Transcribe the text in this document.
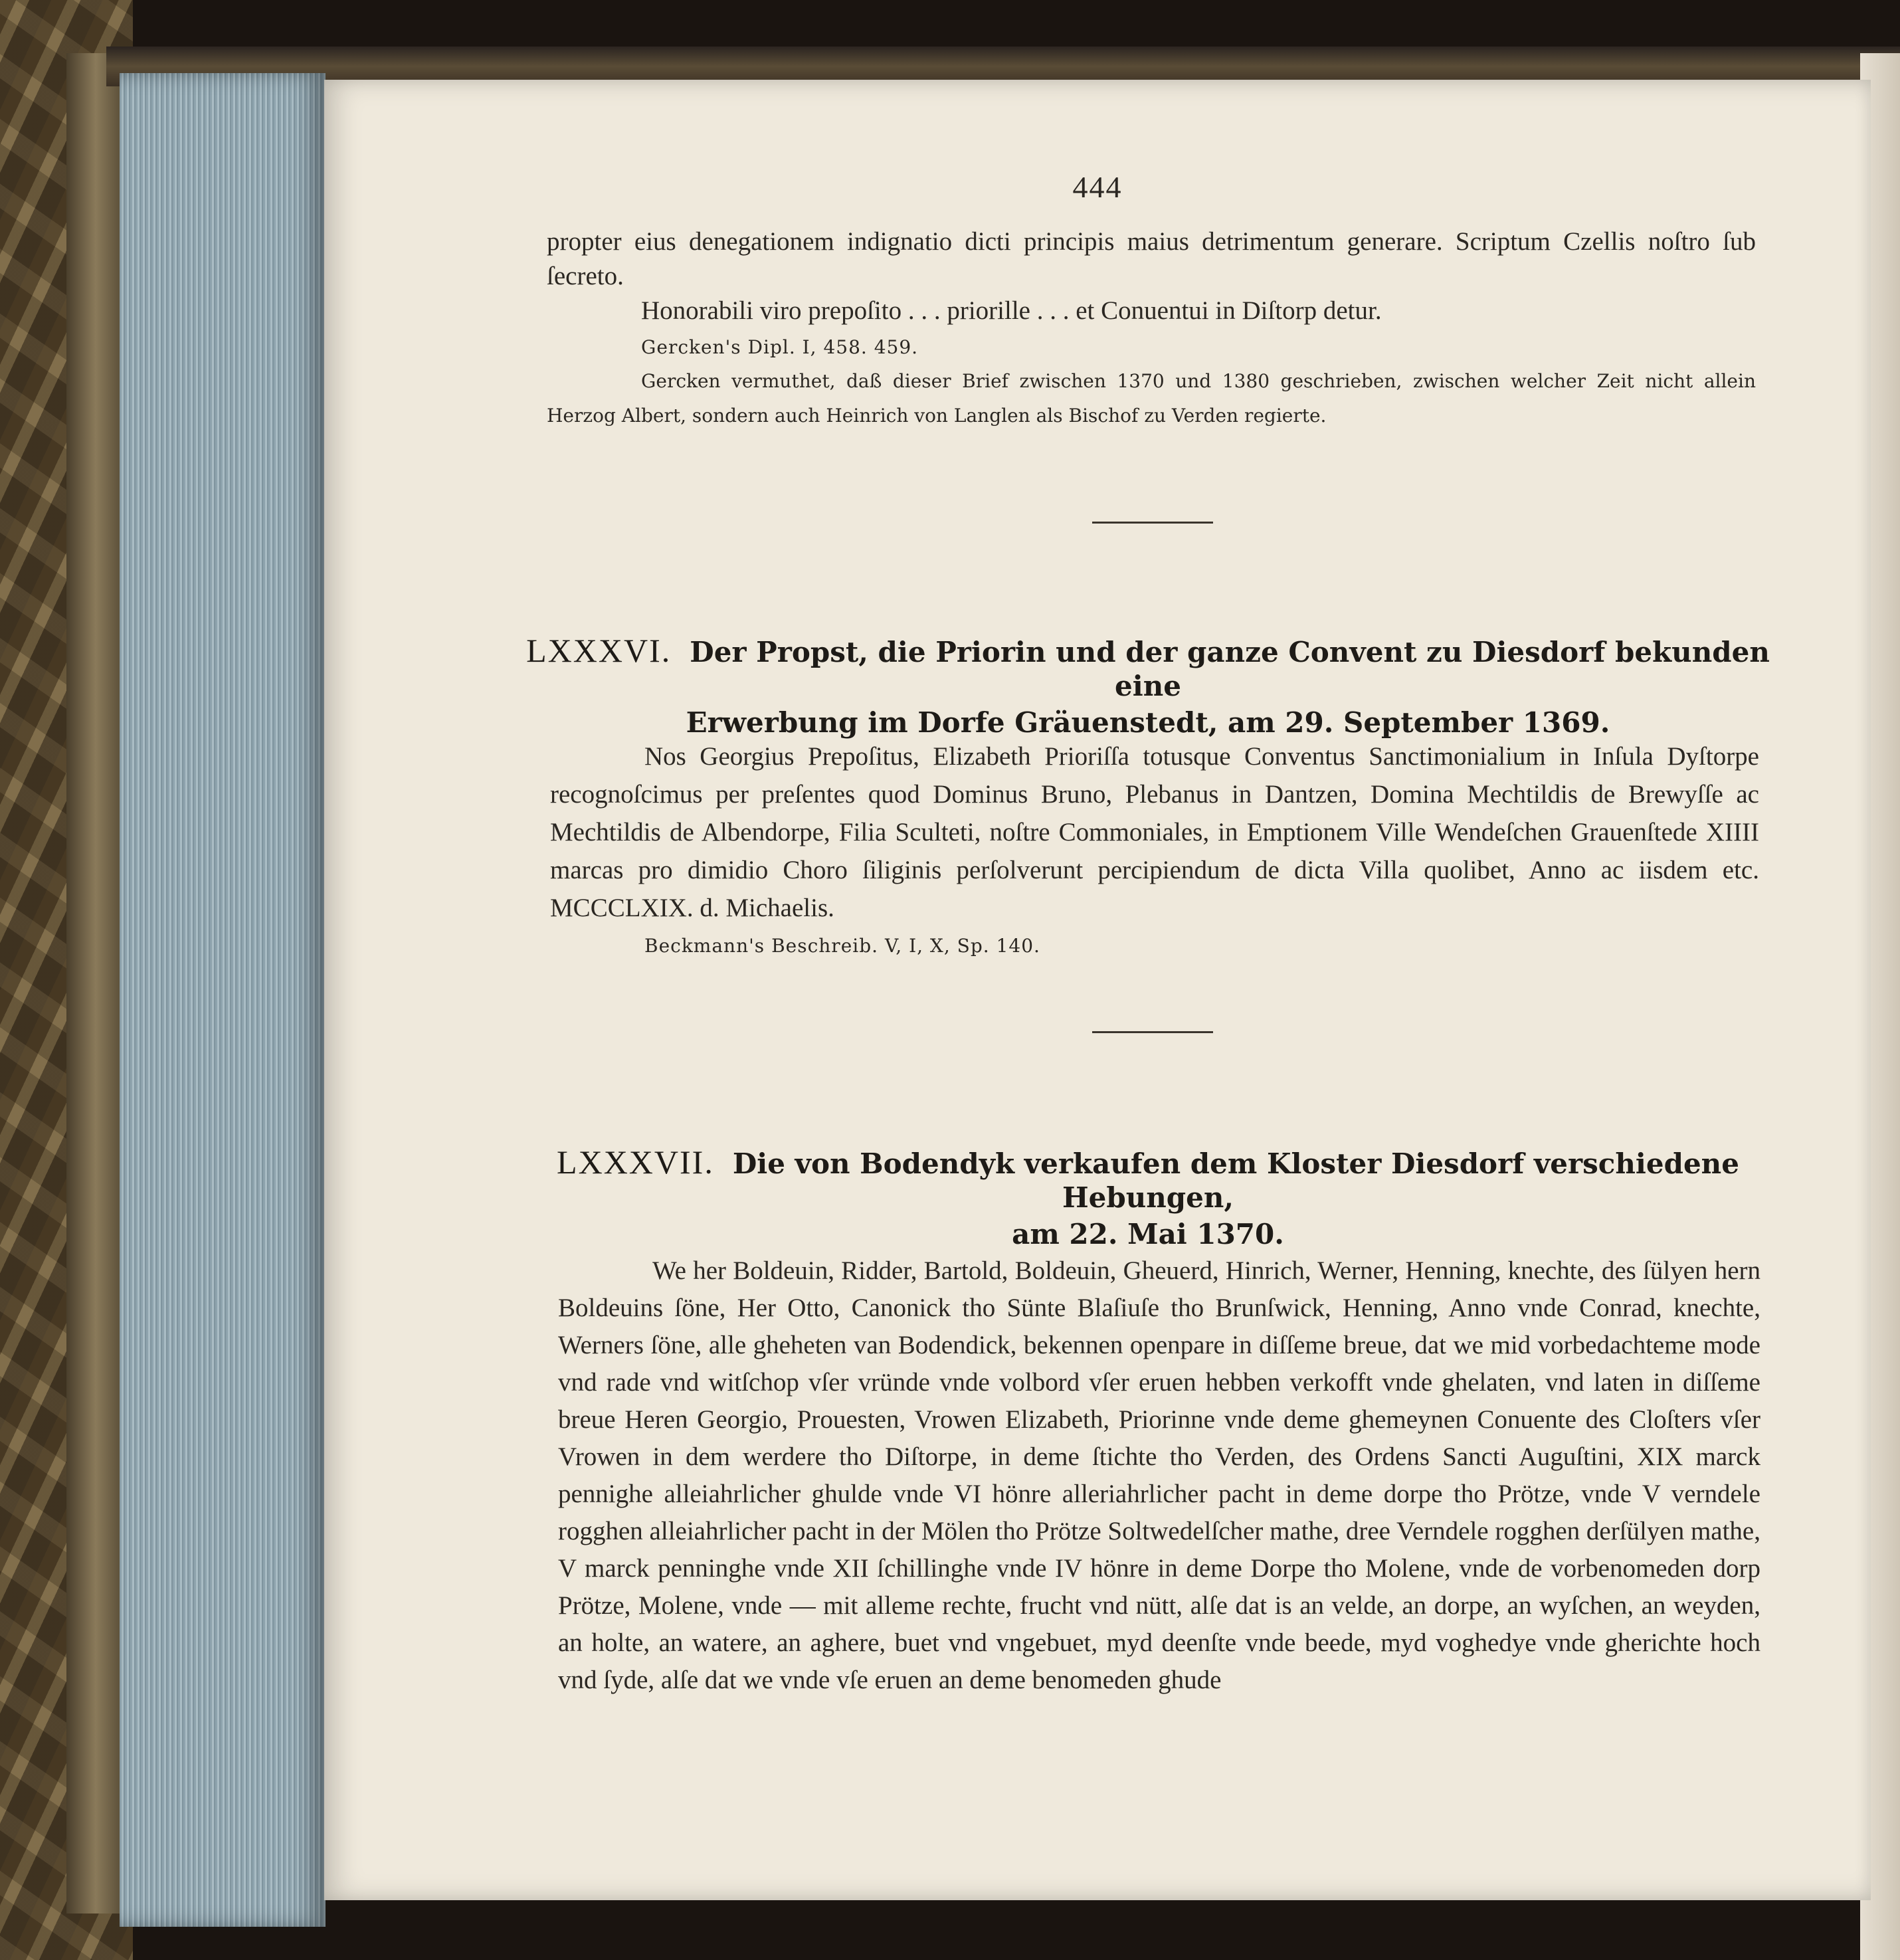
444

propter eius denegationem indignatio dicti principis maius detrimentum generare. Scriptum Czellis noſtro ſub ſecreto.

Honorabili viro prepoſito . . . priorille . . . et Conuentui in Diſtorp detur.

Gercken's Dipl. I, 458. 459.

Gercken vermuthet, daß dieser Brief zwischen 1370 und 1380 geschrieben, zwischen welcher Zeit nicht allein Herzog Albert, sondern auch Heinrich von Langlen als Bischof zu Verden regierte.

LXXXVI. Der Propst, die Priorin und der ganze Convent zu Diesdorf bekunden eine
Erwerbung im Dorfe Gräuenstedt, am 29. September 1369.

Nos Georgius Prepoſitus, Elizabeth Prioriſſa totusque Conventus Sanctimonialium in Inſula Dyſtorpe recognoſcimus per preſentes quod Dominus Bruno, Plebanus in Dantzen, Domina Mechtildis de Brewyſſe ac Mechtildis de Albendorpe, Filia Sculteti, noſtre Commoniales, in Emptionem Ville Wendeſchen Grauenſtede XIIII marcas pro dimidio Choro ſiliginis perſolverunt percipiendum de dicta Villa quolibet, Anno ac iisdem etc. MCCCLXIX. d. Michaelis.

Beckmann's Beschreib. V, I, X, Sp. 140.

LXXXVII. Die von Bodendyk verkaufen dem Kloster Diesdorf verschiedene Hebungen,
am 22. Mai 1370.

We her Boldeuin, Ridder, Bartold, Boldeuin, Gheuerd, Hinrich, Werner, Henning, knechte, des ſülуen hern Boldeuins ſöne, Her Otto, Canonick tho Sünte Blaſiuſe tho Brunſwick, Henning, Anno vnde Conrad, knechte, Werners ſöne, alle gheheten van Bodendick, bekennen openpare in diſſeme breue, dat we mid vorbedachteme mode vnd rade vnd witſchop vſer vründe vnde volbord vſer eruen hebben verkofft vnde ghelaten, vnd laten in diſſeme breue Heren Georgio, Prouesten, Vrowen Elizabeth, Priorinne vnde deme ghemeynen Conuente des Cloſters vſer Vrowen in dem werdere tho Diſtorpe, in deme ſtichte tho Verden, des Ordens Sancti Auguſtini, XIX marck pennighe alleiahrlicher ghulde vnde VI hönre alleriahrlicher pacht in deme dorpe tho Prötze, vnde V verndele rogghen alleiahrlicher pacht in der Mölen tho Prötze Soltwedelſcher mathe, dree Verndele rogghen derſülуen mathe, V marck penninghe vnde XII ſchillinghe vnde IV hönre in deme Dorpe tho Molene, vnde de vorbenomeden dorp Prötze, Molene, vnde — mit alleme rechte, frucht vnd nütt, alſe dat is an velde, an dorpe, an wyſchen, an weyden, an holte, an watere, an aghere, buet vnd vngebuet, myd deenſte vnde beede, myd voghedye vnde gherichte hoch vnd ſyde, alſe dat we vnde vſe eruen an deme benomeden ghude
